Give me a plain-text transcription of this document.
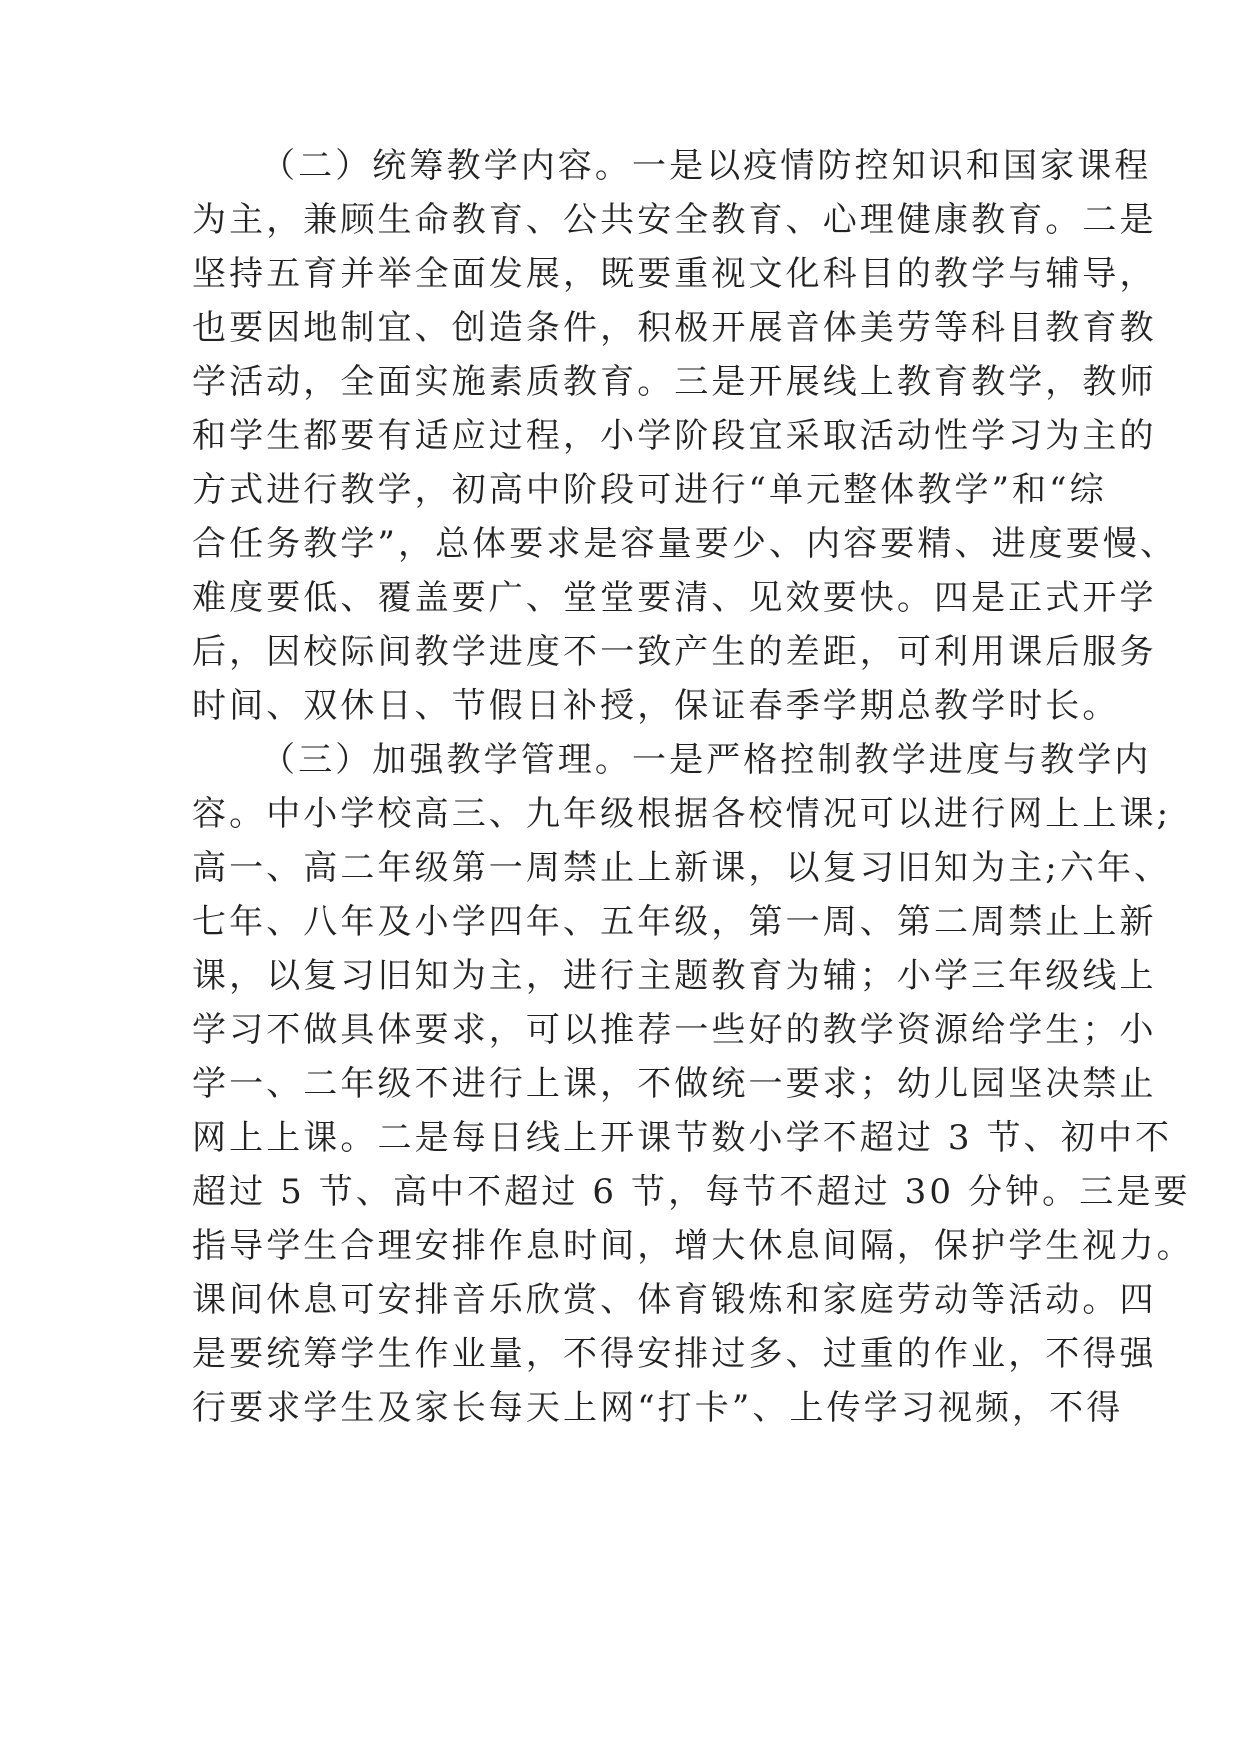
（二）统筹教学内容。一是以疫情防控知识和国家课程
为主，兼顾生命教育、公共安全教育、心理健康教育。二是
坚持五育并举全面发展，既要重视文化科目的教学与辅导，
也要因地制宜、创造条件，积极开展音体美劳等科目教育教
学活动，全面实施素质教育。三是开展线上教育教学，教师
和学生都要有适应过程，小学阶段宜采取活动性学习为主的
方式进行教学，初高中阶段可进行“单元整体教学”和“综
合任务教学”，总体要求是容量要少、内容要精、进度要慢、
难度要低、覆盖要广、堂堂要清、见效要快。四是正式开学
后，因校际间教学进度不一致产生的差距，可利用课后服务
时间、双休日、节假日补授，保证春季学期总教学时长。
（三）加强教学管理。一是严格控制教学进度与教学内
容。中小学校高三、九年级根据各校情况可以进行网上上课;
高一、高二年级第一周禁止上新课，以复习旧知为主;六年、
七年、八年及小学四年、五年级，第一周、第二周禁止上新
课，以复习旧知为主，进行主题教育为辅；小学三年级线上
学习不做具体要求，可以推荐一些好的教学资源给学生；小
学一、二年级不进行上课，不做统一要求；幼儿园坚决禁止
网上上课。二是每日线上开课节数小学不超过 3 节、初中不
超过 5 节、高中不超过 6 节，每节不超过 30 分钟。三是要
指导学生合理安排作息时间，增大休息间隔，保护学生视力。
课间休息可安排音乐欣赏、体育锻炼和家庭劳动等活动。四
是要统筹学生作业量，不得安排过多、过重的作业，不得强
行要求学生及家长每天上网“打卡”、上传学习视频，不得
